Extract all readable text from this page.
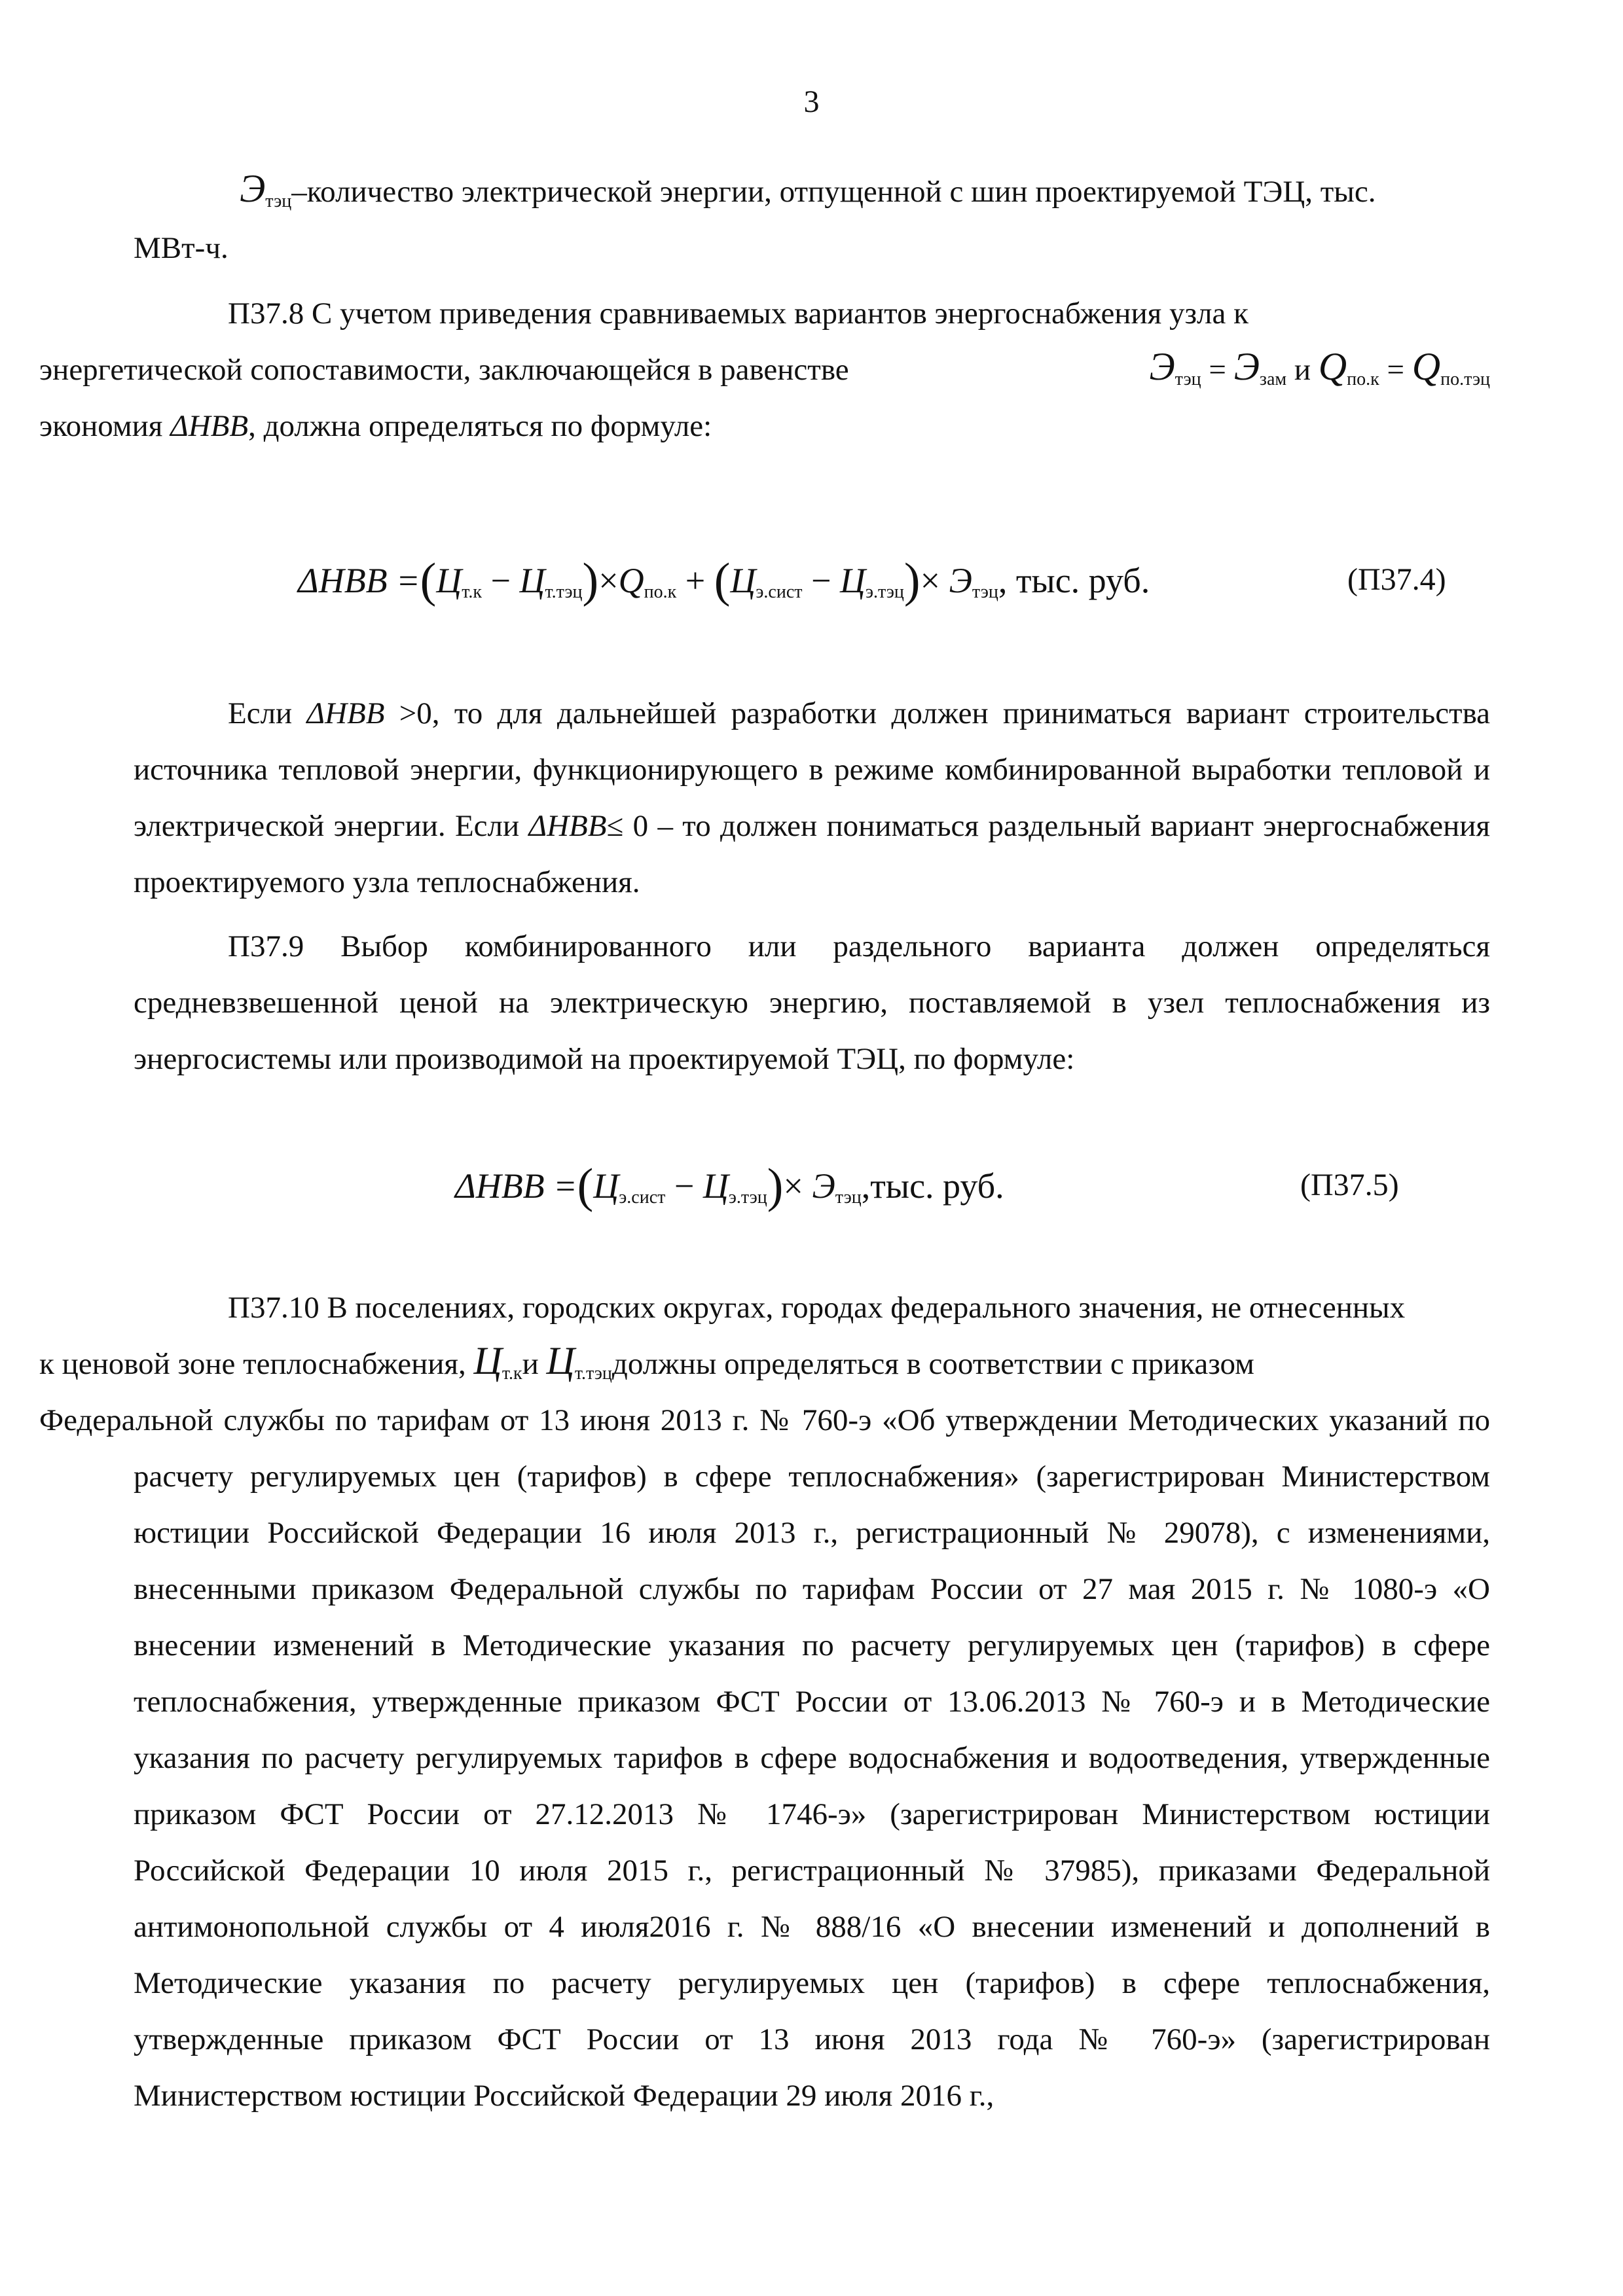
3

$Э_{тэц}$–количество электрической энергии, отпущенной с шин проектируемой ТЭЦ, тыс.
МВт-ч.

П37.8 С учетом приведения сравниваемых вариантов энергоснабжения узла к
энергетической сопоставимости, заключающейся в равенстве	$Э_{тэц} = Э_{зам}$ и $Q_{по.к} = Q_{по.тэц}$

экономия ΔНВВ, должна определяться по формуле:

$\Delta НВВ =(Ц_{т.к} - Ц_{т.тэц})\times Q_{по.к} + (Ц_{э.сист} - Ц_{э.тэц})\times Э_{тэц}$, тыс. руб.	(П37.4)

Если ΔНВВ >0, то для дальнейшей разработки должен приниматься вариант строительства источника тепловой энергии, функционирующего в режиме комбинированной выработки тепловой и электрической энергии. Если ΔНВВ≤ 0 – то должен пониматься раздельный вариант энергоснабжения проектируемого узла теплоснабжения.

П37.9 Выбор комбинированного или раздельного варианта должен определяться средневзвешенной ценой на электрическую энергию, поставляемой в узел теплоснабжения из энергосистемы или производимой на проектируемой ТЭЦ, по формуле:

$\Delta НВВ =(Ц_{э.сист} - Ц_{э.тэц})\times Э_{тэц},тыс$. руб.	(П37.5)

П37.10 В поселениях, городских округах, городах федерального значения, не отнесенных
к ценовой зоне теплоснабжения, $Ц_{т.к}и$ $Ц_{т.тэц}должны$ определяться в соответствии с приказом
Федеральной службы по тарифам от 13 июня 2013 г. № 760-э «Об утверждении Методических указаний по расчету регулируемых цен (тарифов) в сфере теплоснабжения» (зарегистрирован Министерством юстиции Российской Федерации 16 июля 2013 г., регистрационный № 29078), с изменениями, внесенными приказом Федеральной службы по тарифам России от 27 мая 2015 г. № 1080-э «О внесении изменений в Методические указания по расчету регулируемых цен (тарифов) в сфере теплоснабжения, утвержденные приказом ФСТ России от 13.06.2013 № 760-э и в Методические указания по расчету регулируемых тарифов в сфере водоснабжения и водоотведения, утвержденные приказом ФСТ России от 27.12.2013 № 1746-э» (зарегистрирован Министерством юстиции Российской Федерации 10 июля 2015 г., регистрационный № 37985), приказами Федеральной антимонопольной службы от 4 июля2016 г. № 888/16 «О внесении изменений и дополнений в Методические указания по расчету регулируемых цен (тарифов) в сфере теплоснабжения, утвержденные приказом ФСТ России от 13 июня 2013 года № 760-э» (зарегистрирован Министерством юстиции Российской Федерации 29 июля 2016 г.,
